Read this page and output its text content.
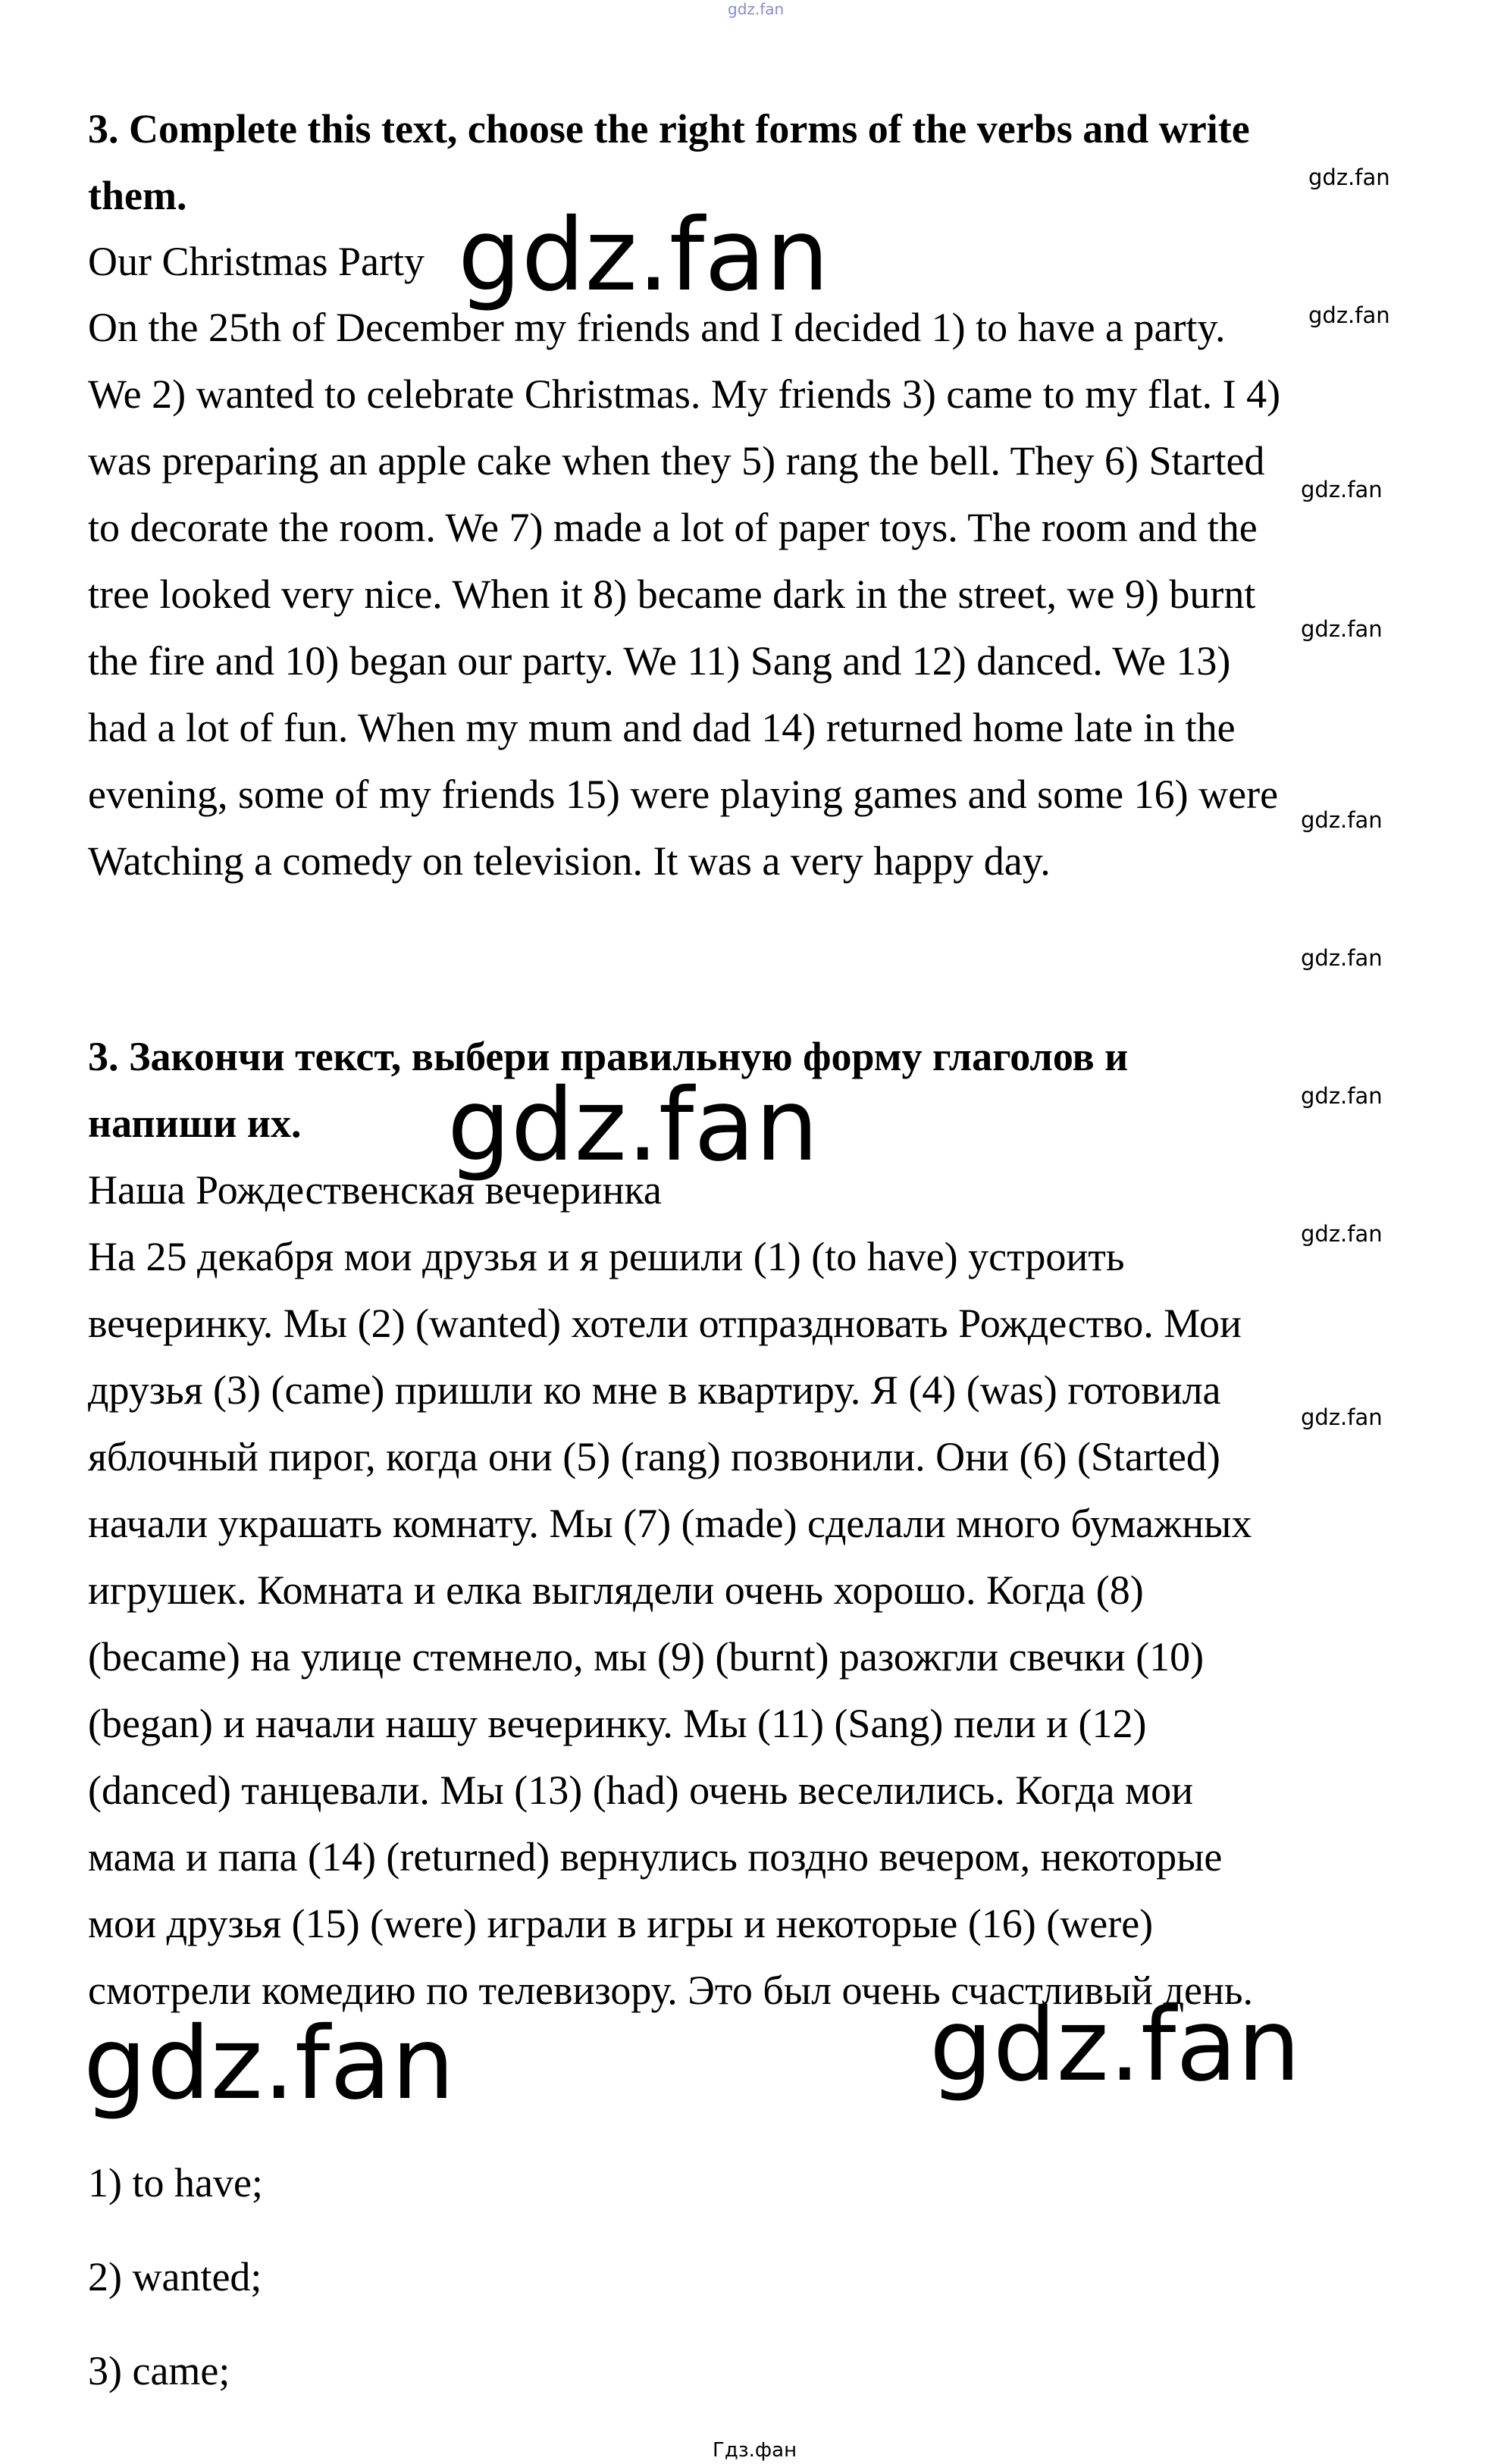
gdz.fan
3. Complete this text, choose the right forms of the verbs and write
them.
Our Christmas Party
On the 25th of December my friends and I decided 1) to have a party.
We 2) wanted to celebrate Christmas. My friends 3) came to my flat. I 4)
was preparing an apple cake when they 5) rang the bell. They 6) Started
to decorate the room. We 7) made a lot of paper toys. The room and the
tree looked very nice. When it 8) became dark in the street, we 9) burnt
the fire and 10) began our party. We 11) Sang and 12) danced. We 13)
had a lot of fun. When my mum and dad 14) returned home late in the
evening, some of my friends 15) were playing games and some 16) were
Watching a comedy on television. It was a very happy day.
3. Закончи текст, выбери правильную форму глаголов и
напиши их.
Наша Рождественская вечеринка
На 25 декабря мои друзья и я решили (1) (to have) устроить
вечеринку. Мы (2) (wanted) хотели отпраздновать Рождество. Мои
друзья (3) (came) пришли ко мне в квартиру. Я (4) (was) готовила
яблочный пирог, когда они (5) (rang) позвонили. Они (6) (Started)
начали украшать комнату. Мы (7) (made) сделали много бумажных
игрушек. Комната и елка выглядели очень хорошо. Когда (8)
(became) на улице стемнело, мы (9) (burnt) разожгли свечки (10)
(began) и начали нашу вечеринку. Мы (11) (Sang) пели и (12)
(danced) танцевали. Мы (13) (had) очень веселились. Когда мои
мама и папа (14) (returned) вернулись поздно вечером, некоторые
мои друзья (15) (were) играли в игры и некоторые (16) (were)
смотрели комедию по телевизору. Это был очень счастливый день.
1) to have;
2) wanted;
3) came;
gdz.fan
gdz.fan
gdz.fan
gdz.fan
gdz.fan
gdz.fan
gdz.fan
gdz.fan
gdz.fan
gdz.fan
gdz.fan
gdz.fan	gdz.fan
Гдз.фан
